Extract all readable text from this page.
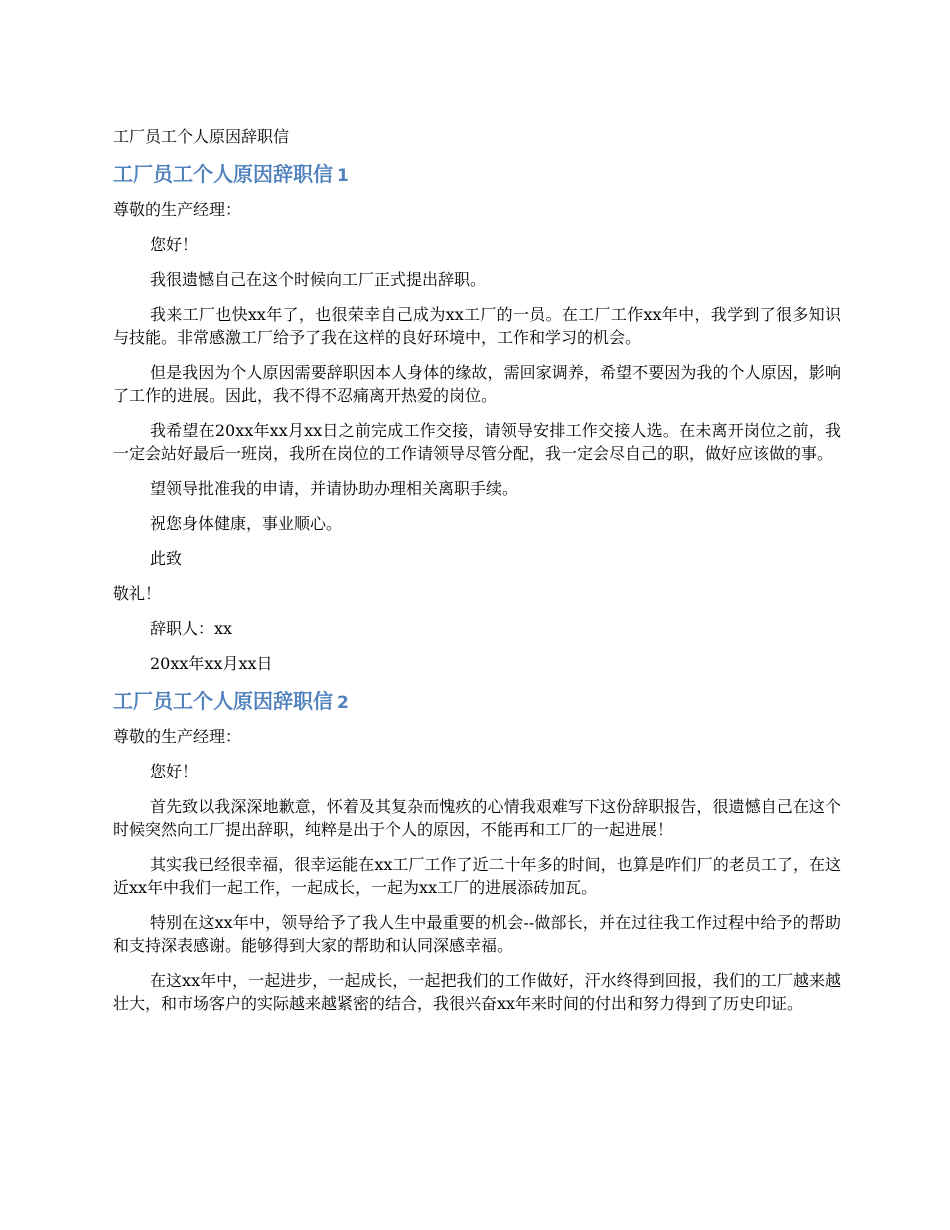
工厂员工个人原因辞职信
工厂员工个人原因辞职信 1
尊敬的生产经理：
您好！
我很遗憾自己在这个时候向工厂正式提出辞职。
我来工厂也快xx年了，也很荣幸自己成为xx工厂的一员。在工厂工作xx年中，我学到了很多知识与技能。非常感激工厂给予了我在这样的良好环境中，工作和学习的机会。
但是我因为个人原因需要辞职因本人身体的缘故，需回家调养，希望不要因为我的个人原因，影响了工作的进展。因此，我不得不忍痛离开热爱的岗位。
我希望在20xx年xx月xx日之前完成工作交接，请领导安排工作交接人选。在未离开岗位之前，我一定会站好最后一班岗，我所在岗位的工作请领导尽管分配，我一定会尽自己的职，做好应该做的事。
望领导批准我的申请，并请协助办理相关离职手续。
祝您身体健康，事业顺心。
此致
敬礼！
辞职人：xx
20xx年xx月xx日
工厂员工个人原因辞职信 2
尊敬的生产经理：
您好！
首先致以我深深地歉意，怀着及其复杂而愧疚的心情我艰难写下这份辞职报告，很遗憾自己在这个时候突然向工厂提出辞职，纯粹是出于个人的原因，不能再和工厂的一起进展！
其实我已经很幸福，很幸运能在xx工厂工作了近二十年多的时间，也算是咋们厂的老员工了，在这近xx年中我们一起工作，一起成长，一起为xx工厂的进展添砖加瓦。
特别在这xx年中，领导给予了我人生中最重要的机会--做部长，并在过往我工作过程中给予的帮助和支持深表感谢。能够得到大家的帮助和认同深感幸福。
在这xx年中，一起进步，一起成长，一起把我们的工作做好，汗水终得到回报，我们的工厂越来越壮大，和市场客户的实际越来越紧密的结合，我很兴奋xx年来时间的付出和努力得到了历史印证。
